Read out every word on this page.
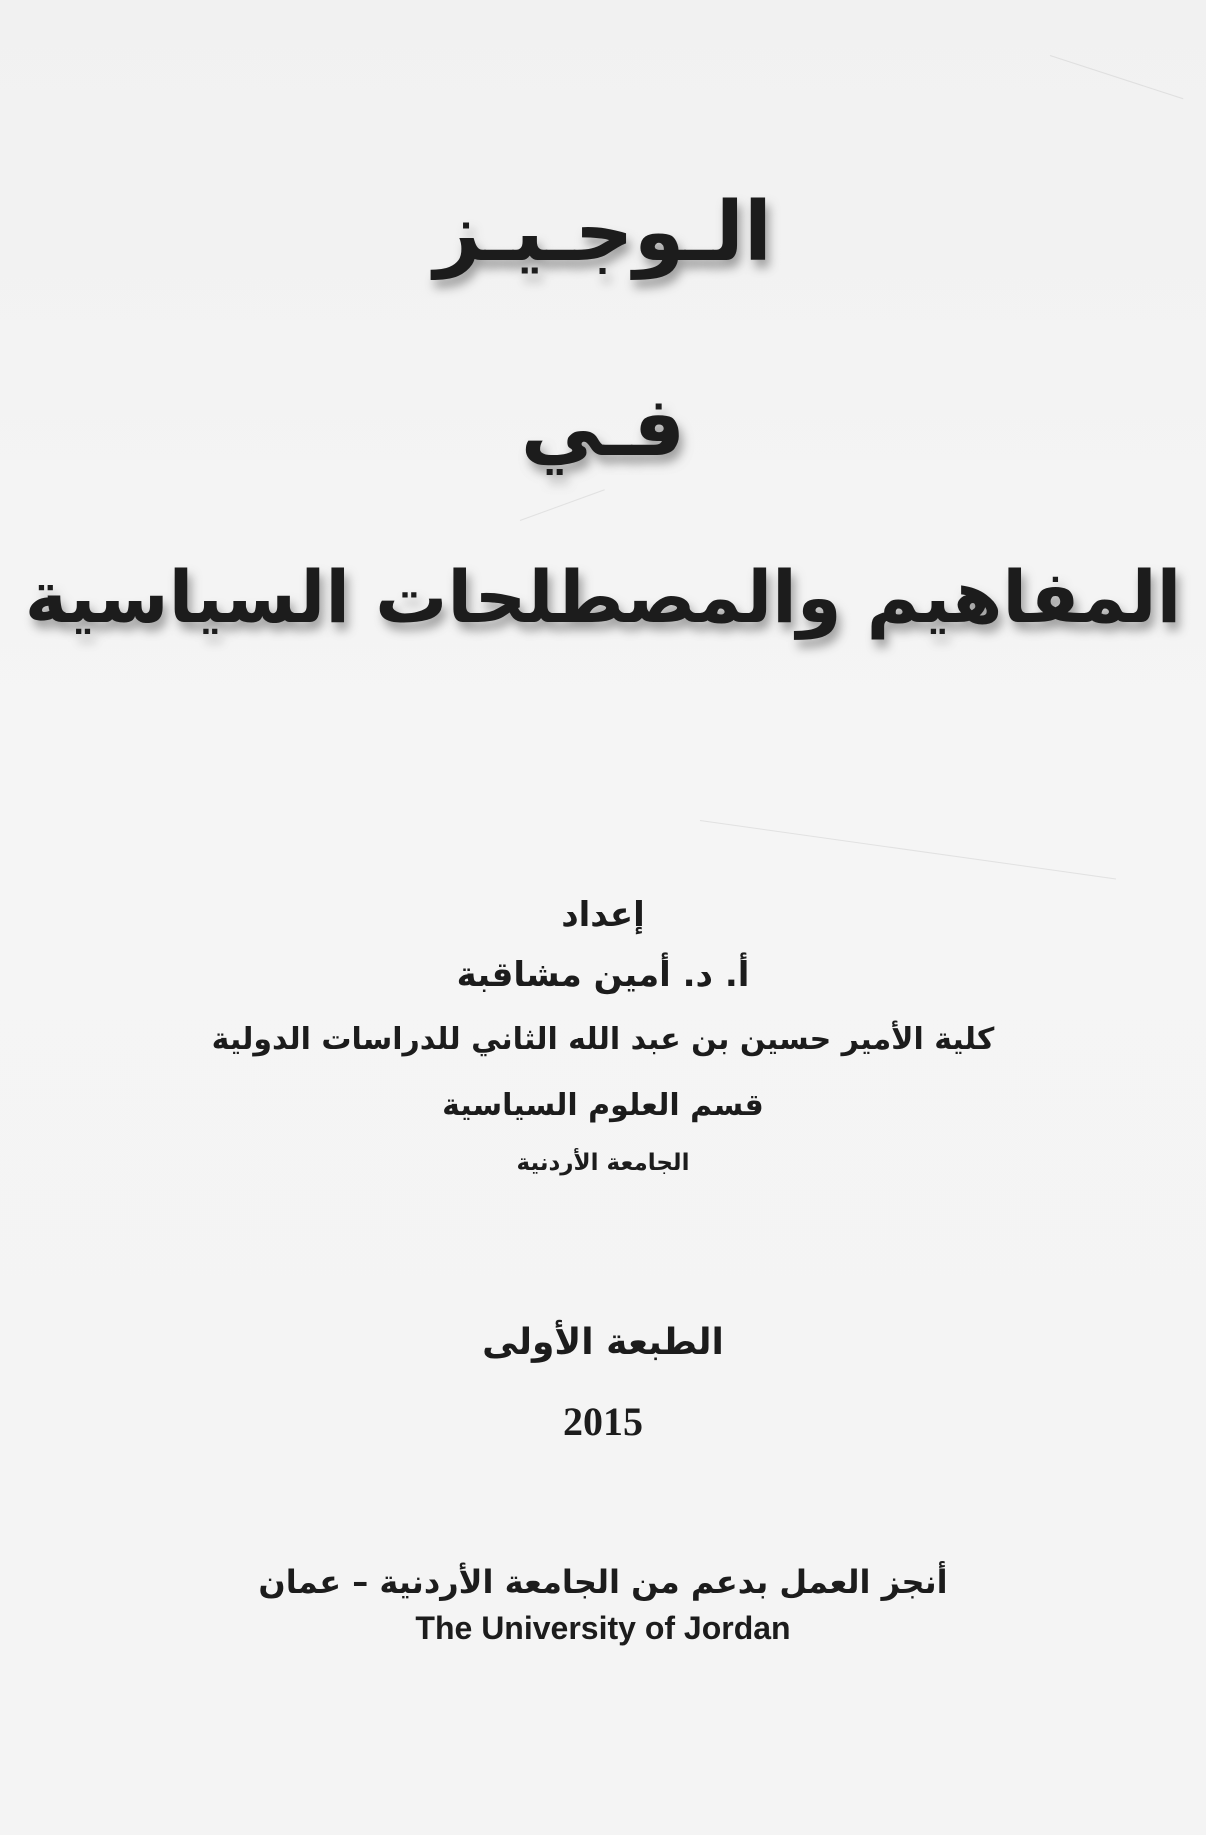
الـوجـيـز
فـي
المفاهيم والمصطلحات السياسية
إعداد
أ. د. أمين مشاقبة
كلية الأمير حسين بن عبد الله الثاني للدراسات الدولية
قسم العلوم السياسية
الجامعة الأردنية
الطبعة الأولى
2015
أنجز العمل بدعم من الجامعة الأردنية – عمان
The University of Jordan
